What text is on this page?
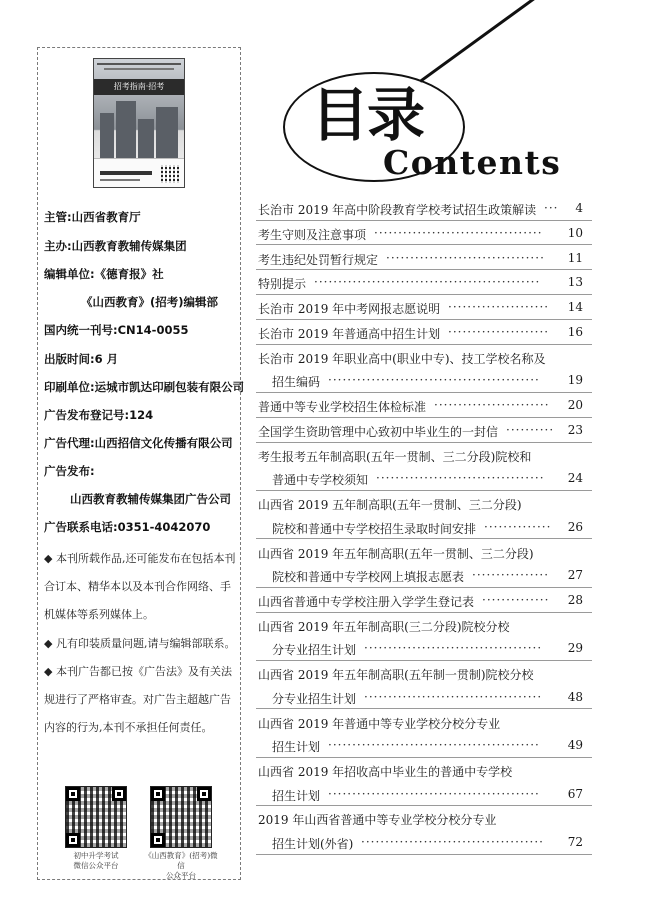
招考指南·招考
主管:山西省教育厅
主办:山西教育教辅传媒集团
编辑单位:《德育报》社
《山西教育》(招考)编辑部
国内统一刊号:CN14-0055
出版时间:6 月
印刷单位:运城市凯达印刷包装有限公司
广告发布登记号:124
广告代理:山西招信文化传播有限公司
广告发布:
山西教育教辅传媒集团广告公司
广告联系电话:0351-4042070
◆ 本刊所载作品,还可能发布在包括本刊合订本、精华本以及本刊合作网络、手机媒体等系列媒体上。
◆ 凡有印装质量问题,请与编辑部联系。
◆ 本刊广告都已按《广告法》及有关法规进行了严格审查。对广告主超越广告内容的行为,本刊不承担任何责任。
初中升学考试
微信公众平台
《山西教育》(招考)微信
公众平台
目录
Contents
长治市 2019 年高中阶段教育学校考试招生政策解读 ··· 4
考生守则及注意事项 ··································· 10
考生违纪处罚暂行规定 ································· 11
特别提示 ··············································· 13
长治市 2019 年中考网报志愿说明 ····················· 14
长治市 2019 年普通高中招生计划 ····················· 16
长治市 2019 年职业高中(职业中专)、技工学校名称及
招生编码 ············································ 19
普通中等专业学校招生体检标准 ························ 20
全国学生资助管理中心致初中毕业生的一封信 ·········· 23
考生报考五年制高职(五年一贯制、三二分段)院校和
普通中专学校须知 ··································· 24
山西省 2019 五年制高职(五年一贯制、三二分段)
院校和普通中专学校招生录取时间安排 ·············· 26
山西省 2019 年五年制高职(五年一贯制、三二分段)
院校和普通中专学校网上填报志愿表 ················ 27
山西省普通中专学校注册入学学生登记表 ·············· 28
山西省 2019 年五年制高职(三二分段)院校分校
分专业招生计划 ····································· 29
山西省 2019 年五年制高职(五年制一贯制)院校分校
分专业招生计划 ····································· 48
山西省 2019 年普通中等专业学校分校分专业
招生计划 ············································ 49
山西省 2019 年招收高中毕业生的普通中专学校
招生计划 ············································ 67
2019 年山西省普通中等专业学校分校分专业
招生计划(外省) ······································ 72
